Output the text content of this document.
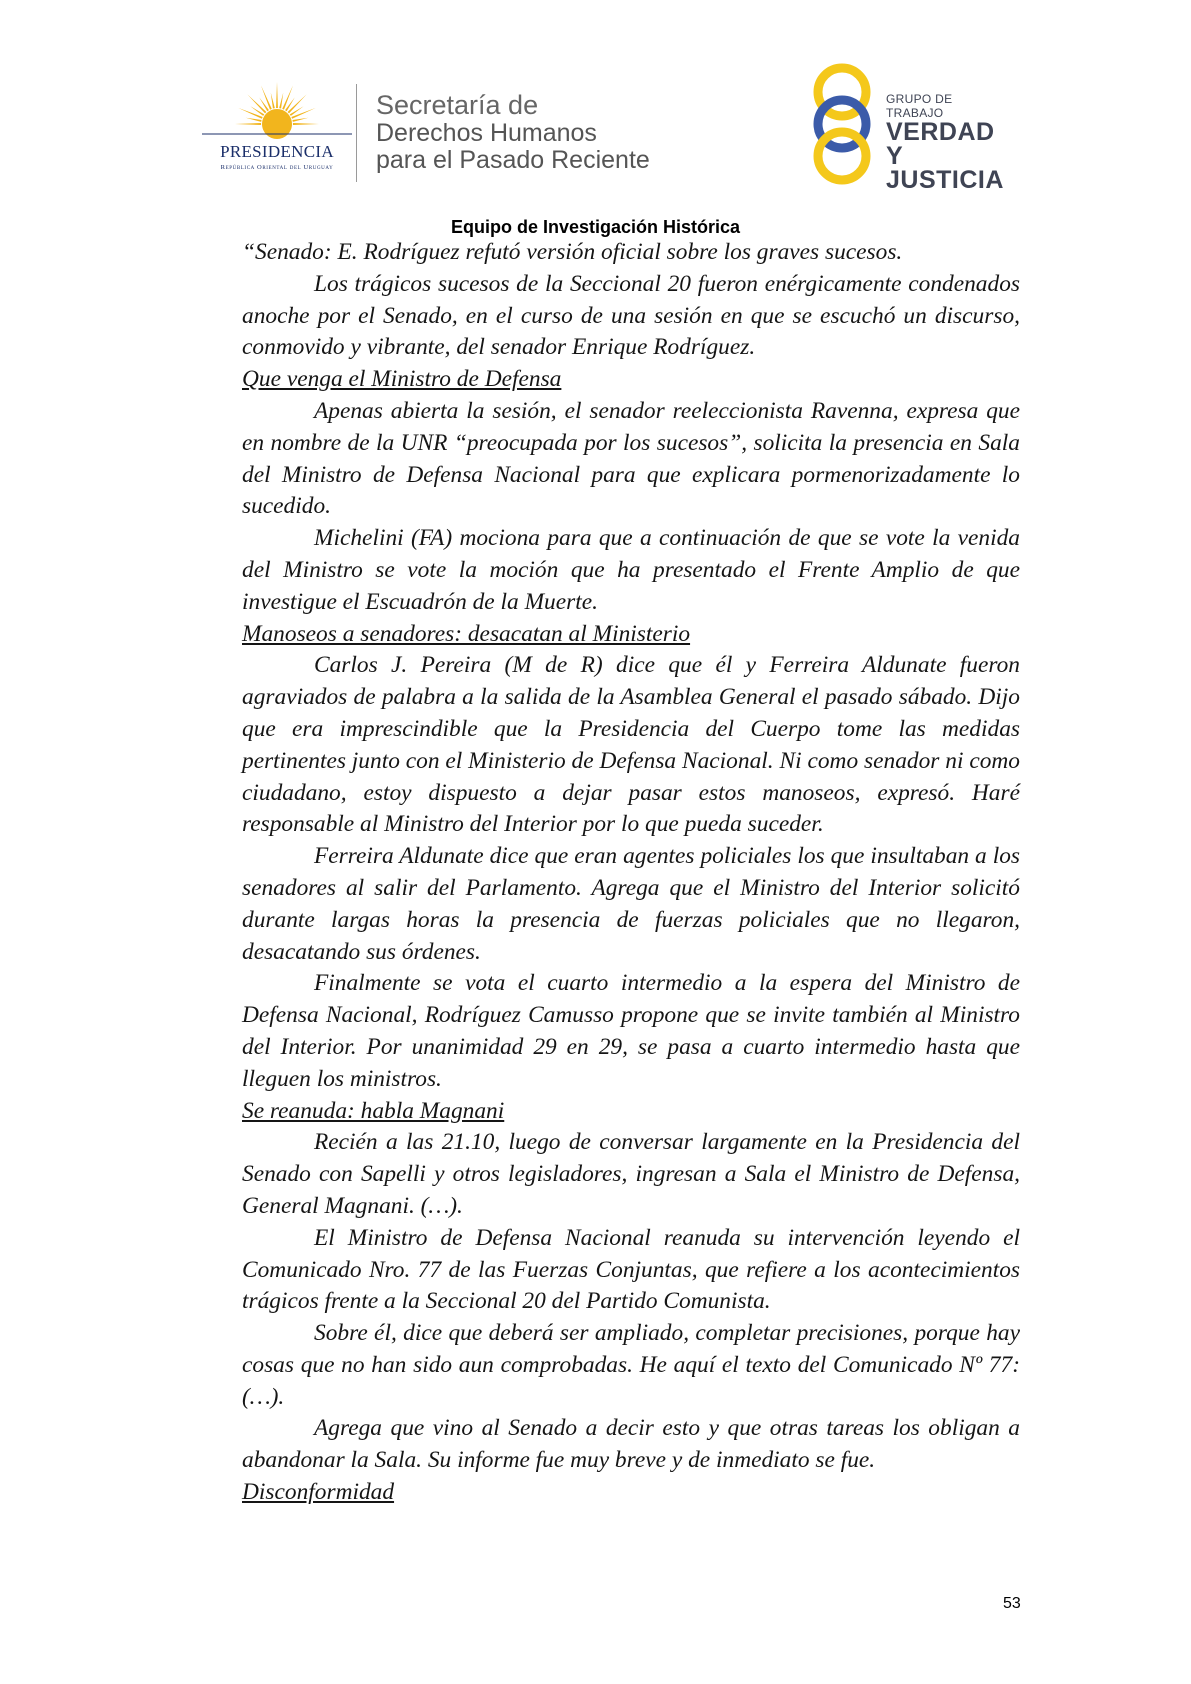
PRESIDENCIA
República Oriental del Uruguay
Secretaría de
Derechos Humanos
para el Pasado Reciente
GRUPO DE TRABAJO
VERDAD Y
JUSTICIA
Equipo de Investigación Histórica

“Senado: E. Rodríguez refutó versión oficial sobre los graves sucesos.

Los trágicos sucesos de la Seccional 20 fueron enérgicamente condenados anoche por el Senado, en el curso de una sesión en que se escuchó un discurso, conmovido y vibrante, del senador Enrique Rodríguez.

Que venga el Ministro de Defensa

Apenas abierta la sesión, el senador reeleccionista Ravenna, expresa que en nombre de la UNR “preocupada por los sucesos”, solicita la presencia en Sala del Ministro de Defensa Nacional para que explicara pormenorizadamente lo sucedido.

Michelini (FA) mociona para que a continuación de que se vote la venida del Ministro se vote la moción que ha presentado el Frente Amplio de que investigue el Escuadrón de la Muerte.

Manoseos a senadores: desacatan al Ministerio

Carlos J. Pereira (M de R) dice que él y Ferreira Aldunate fueron agraviados de palabra a la salida de la Asamblea General el pasado sábado. Dijo que era imprescindible que la Presidencia del Cuerpo tome las medidas pertinentes junto con el Ministerio de Defensa Nacional. Ni como senador ni como ciudadano, estoy dispuesto a dejar pasar estos manoseos, expresó. Haré responsable al Ministro del Interior por lo que pueda suceder.

Ferreira Aldunate dice que eran agentes policiales los que insultaban a los senadores al salir del Parlamento. Agrega que el Ministro del Interior solicitó durante largas horas la presencia de fuerzas policiales que no llegaron, desacatando sus órdenes.

Finalmente se vota el cuarto intermedio a la espera del Ministro de Defensa Nacional, Rodríguez Camusso propone que se invite también al Ministro del Interior. Por unanimidad 29 en 29, se pasa a cuarto intermedio hasta que lleguen los ministros.

Se reanuda: habla Magnani

Recién a las 21.10, luego de conversar largamente en la Presidencia del Senado con Sapelli y otros legisladores, ingresan a Sala el Ministro de Defensa, General Magnani. (…).

El Ministro de Defensa Nacional reanuda su intervención leyendo el Comunicado Nro. 77 de las Fuerzas Conjuntas, que refiere a los acontecimientos trágicos frente a la Seccional 20 del Partido Comunista.

Sobre él, dice que deberá ser ampliado, completar precisiones, porque hay cosas que no han sido aun comprobadas. He aquí el texto del Comunicado Nº 77: (…).

Agrega que vino al Senado a decir esto y que otras tareas los obligan a abandonar la Sala. Su informe fue muy breve y de inmediato se fue.

Disconformidad

53
